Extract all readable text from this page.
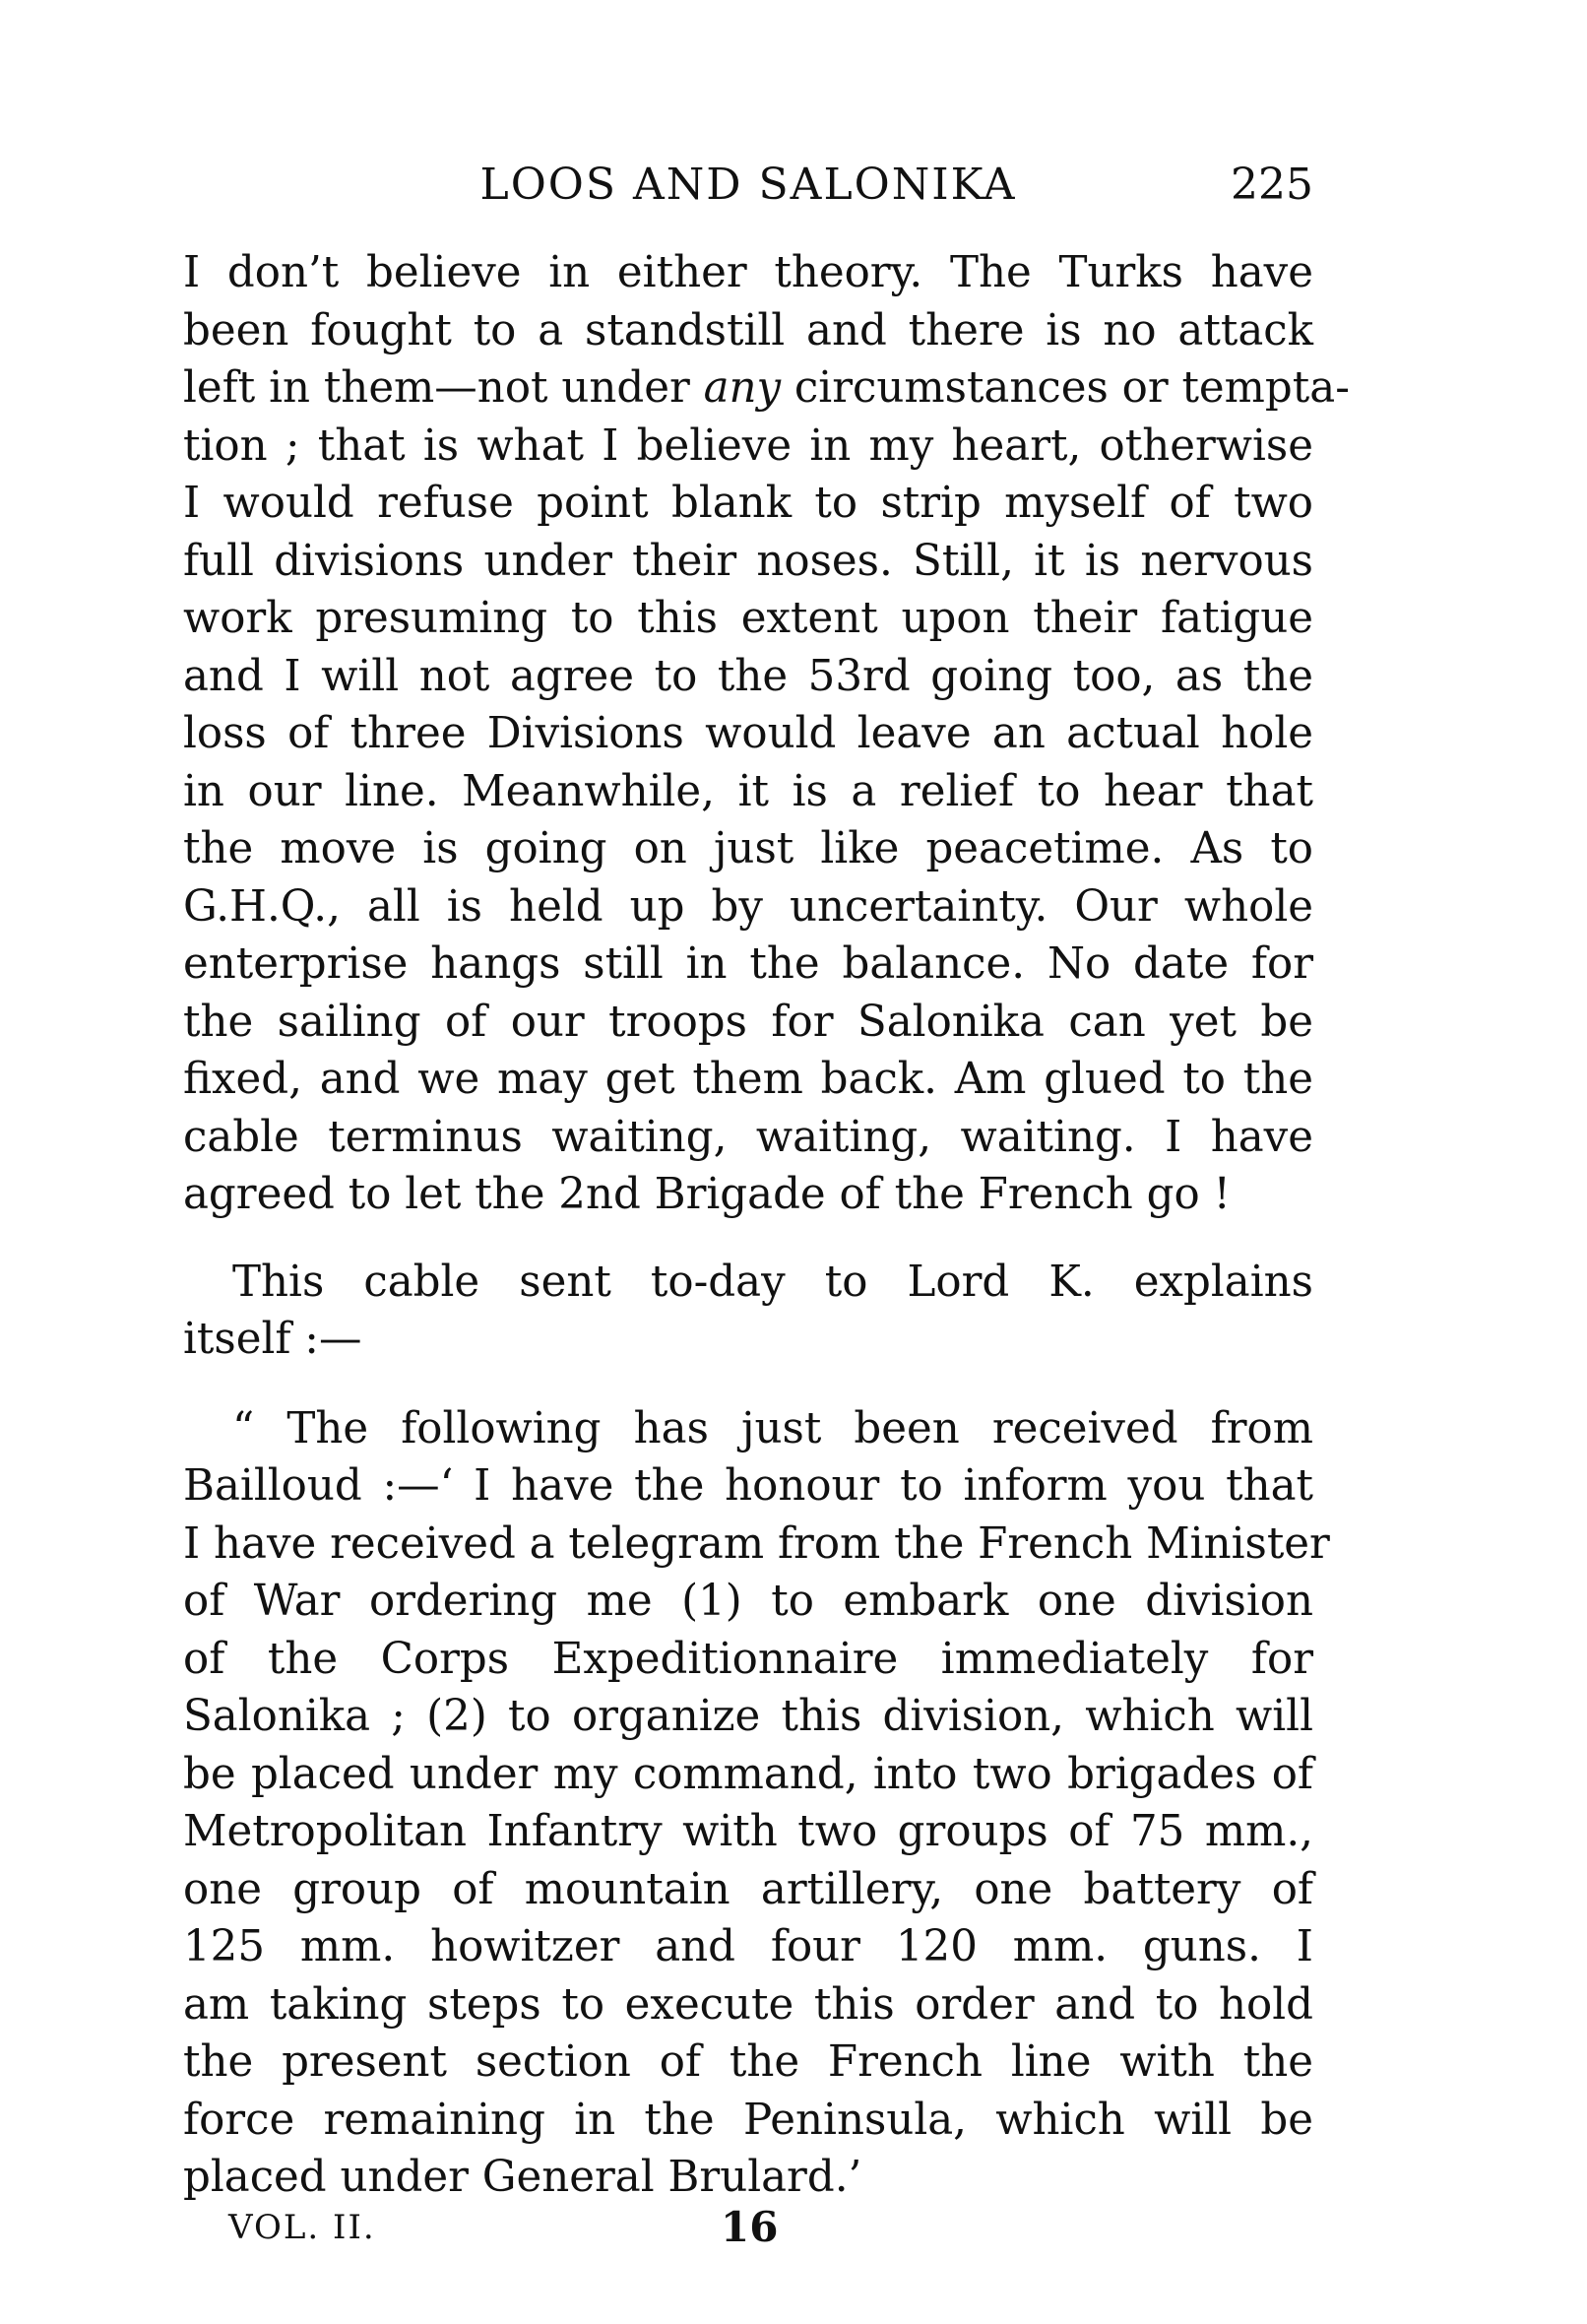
LOOS AND SALONIKA	225
I don’t believe in either theory. The Turks have
been fought to a standstill and there is no attack
left in them—not under any circumstances or tempta-
tion ; that is what I believe in my heart, otherwise
I would refuse point blank to strip myself of two
full divisions under their noses. Still, it is nervous
work presuming to this extent upon their fatigue
and I will not agree to the 53rd going too, as the
loss of three Divisions would leave an actual hole
in our line. Meanwhile, it is a relief to hear that
the move is going on just like peacetime. As to
G.H.Q., all is held up by uncertainty. Our whole
enterprise hangs still in the balance. No date for
the sailing of our troops for Salonika can yet be
fixed, and we may get them back. Am glued to the
cable terminus waiting, waiting, waiting. I have
agreed to let the 2nd Brigade of the French go !
This cable sent to-day to Lord K. explains
itself :—
“ The following has just been received from
Bailloud :—‘ I have the honour to inform you that
I have received a telegram from the French Minister
of War ordering me (1) to embark one division
of the Corps Expeditionnaire immediately for
Salonika ; (2) to organize this division, which will
be placed under my command, into two brigades of
Metropolitan Infantry with two groups of 75 mm.,
one group of mountain artillery, one battery of
125 mm. howitzer and four 120 mm. guns. I
am taking steps to execute this order and to hold
the present section of the French line with the
force remaining in the Peninsula, which will be
placed under General Brulard.’
VOL. II.	16
